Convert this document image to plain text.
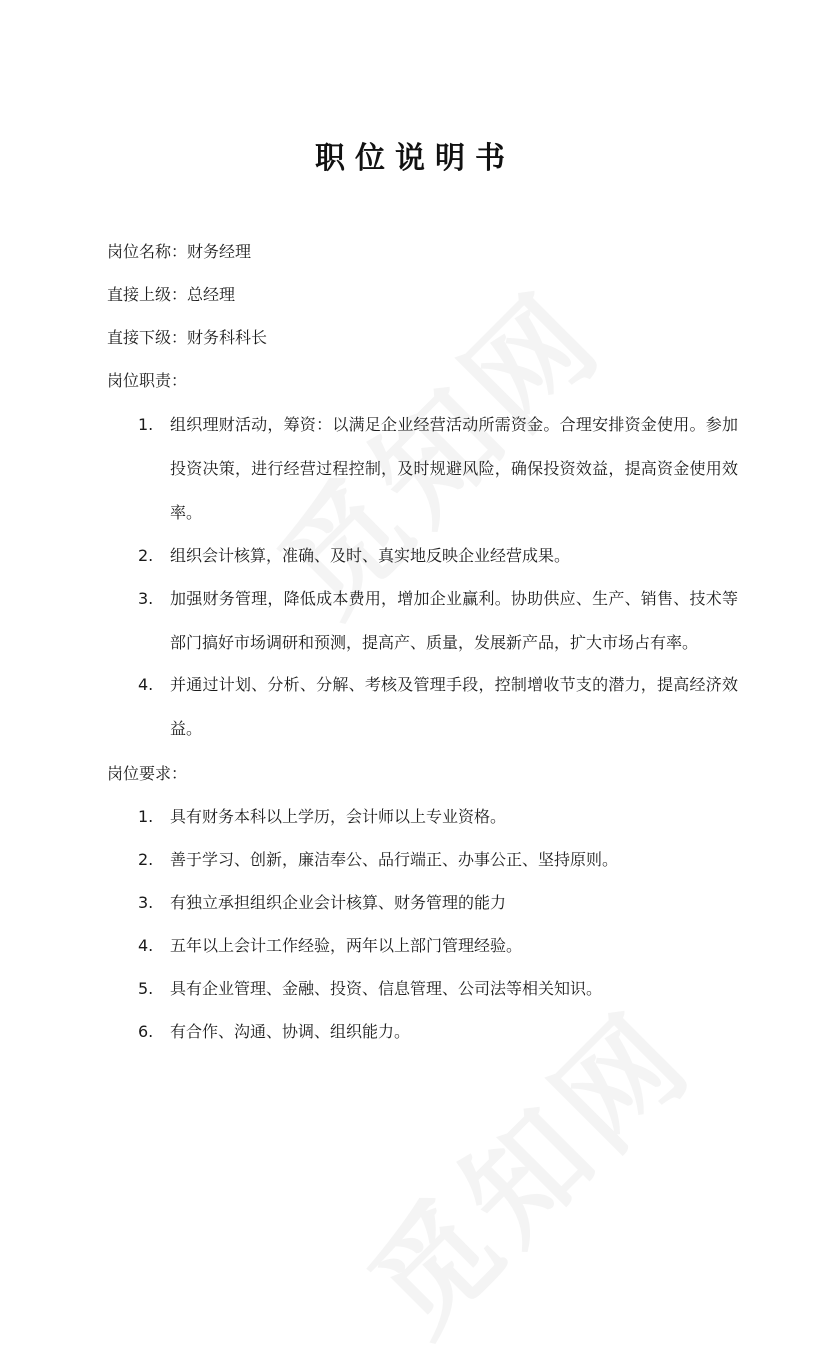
职位说明书
岗位名称：财务经理
直接上级：总经理
直接下级：财务科科长
岗位职责：
1.	组织理财活动，筹资：以满足企业经营活动所需资金。合理安排资金使用。参加投资决策，进行经营过程控制，及时规避风险，确保投资效益，提高资金使用效率。
2.	组织会计核算，准确、及时、真实地反映企业经营成果。
3.	加强财务管理，降低成本费用，增加企业赢利。协助供应、生产、销售、技术等部门搞好市场调研和预测，提高产、质量，发展新产品，扩大市场占有率。
4.	并通过计划、分析、分解、考核及管理手段，控制增收节支的潜力，提高经济效益。
岗位要求：
1.	具有财务本科以上学历，会计师以上专业资格。
2.	善于学习、创新，廉洁奉公、品行端正、办事公正、坚持原则。
3.	有独立承担组织企业会计核算、财务管理的能力
4.	五年以上会计工作经验，两年以上部门管理经验。
5.	具有企业管理、金融、投资、信息管理、公司法等相关知识。
6.	有合作、沟通、协调、组织能力。
